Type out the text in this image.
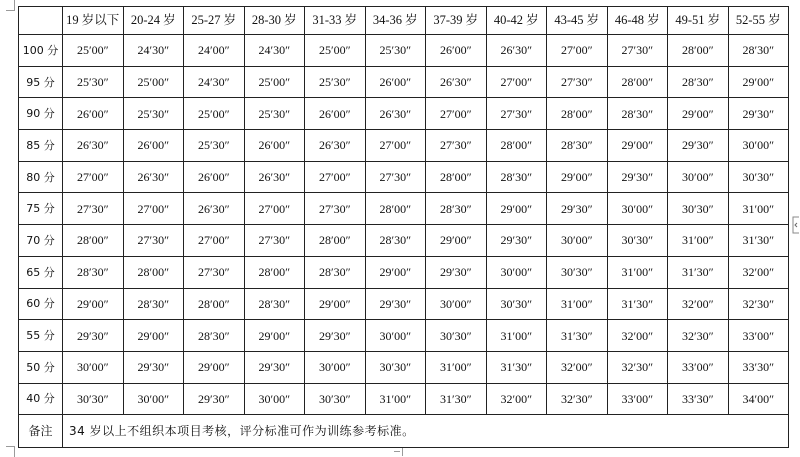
	19 岁以下	20-24 岁	25-27 岁	28-30 岁	31-33 岁	34-36 岁	37-39 岁	40-42 岁	43-45 岁	46-48 岁	49-51 岁	52-55 岁
100 分	25′00″	24′30″	24′00″	24′30″	25′00″	25′30″	26′00″	26′30″	27′00″	27′30″	28′00″	28′30″
95 分	25′30″	25′00″	24′30″	25′00″	25′30″	26′00″	26′30″	27′00″	27′30″	28′00″	28′30″	29′00″
90 分	26′00″	25′30″	25′00″	25′30″	26′00″	26′30″	27′00″	27′30″	28′00″	28′30″	29′00″	29′30″
85 分	26′30″	26′00″	25′30″	26′00″	26′30″	27′00″	27′30″	28′00″	28′30″	29′00″	29′30″	30′00″
80 分	27′00″	26′30″	26′00″	26′30″	27′00″	27′30″	28′00″	28′30″	29′00″	29′30″	30′00″	30′30″
75 分	27′30″	27′00″	26′30″	27′00″	27′30″	28′00″	28′30″	29′00″	29′30″	30′00″	30′30″	31′00″
70 分	28′00″	27′30″	27′00″	27′30″	28′00″	28′30″	29′00″	29′30″	30′00″	30′30″	31′00″	31′30″
65 分	28′30″	28′00″	27′30″	28′00″	28′30″	29′00″	29′30″	30′00″	30′30″	31′00″	31′30″	32′00″
60 分	29′00″	28′30″	28′00″	28′30″	29′00″	29′30″	30′00″	30′30″	31′00″	31′30″	32′00″	32′30″
55 分	29′30″	29′00″	28′30″	29′00″	29′30″	30′00″	30′30″	31′00″	31′30″	32′00″	32′30″	33′00″
50 分	30′00″	29′30″	29′00″	29′30″	30′00″	30′30″	31′00″	31′30″	32′00″	32′30″	33′00″	33′30″
40 分	30′30″	30′00″	29′30″	30′00″	30′30″	31′00″	31′30″	32′00″	32′30″	33′00″	33′30″	34′00″
备注	34 岁以上不组织本项目考核，评分标准可作为训练参考标准。											
